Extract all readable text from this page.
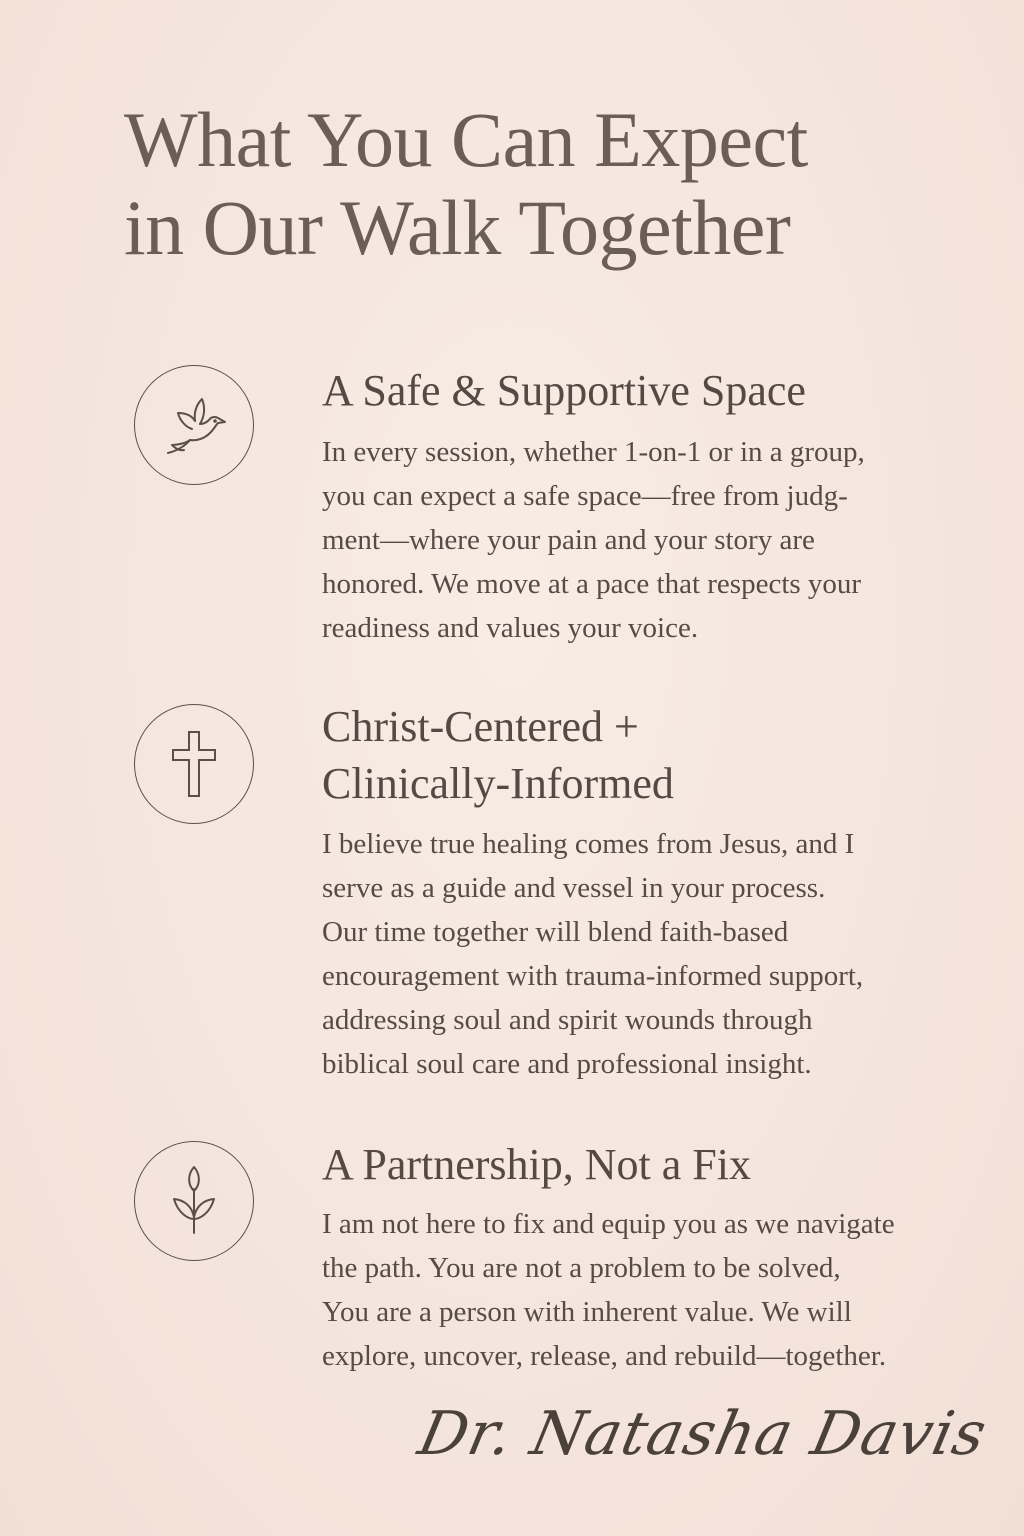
What You Can Expect
in Our Walk Together
A Safe & Supportive Space

In every session, whether 1-on-1 or in a group,
you can expect a safe space—free from judg-
ment—where your pain and your story are
honored. We move at a pace that respects your
readiness and values your voice.

Christ-Centered +
Clinically-Informed

I believe true healing comes from Jesus, and I
serve as a guide and vessel in your process.
Our time together will blend faith-based
encouragement with trauma-informed support,
addressing soul and spirit wounds through
biblical soul care and professional insight.

A Partnership, Not a Fix

I am not here to fix and equip you as we navigate
the path. You are not a problem to be solved,
You are a person with inherent value. We will
explore, uncover, release, and rebuild—together.

Dr. Natasha Davis
